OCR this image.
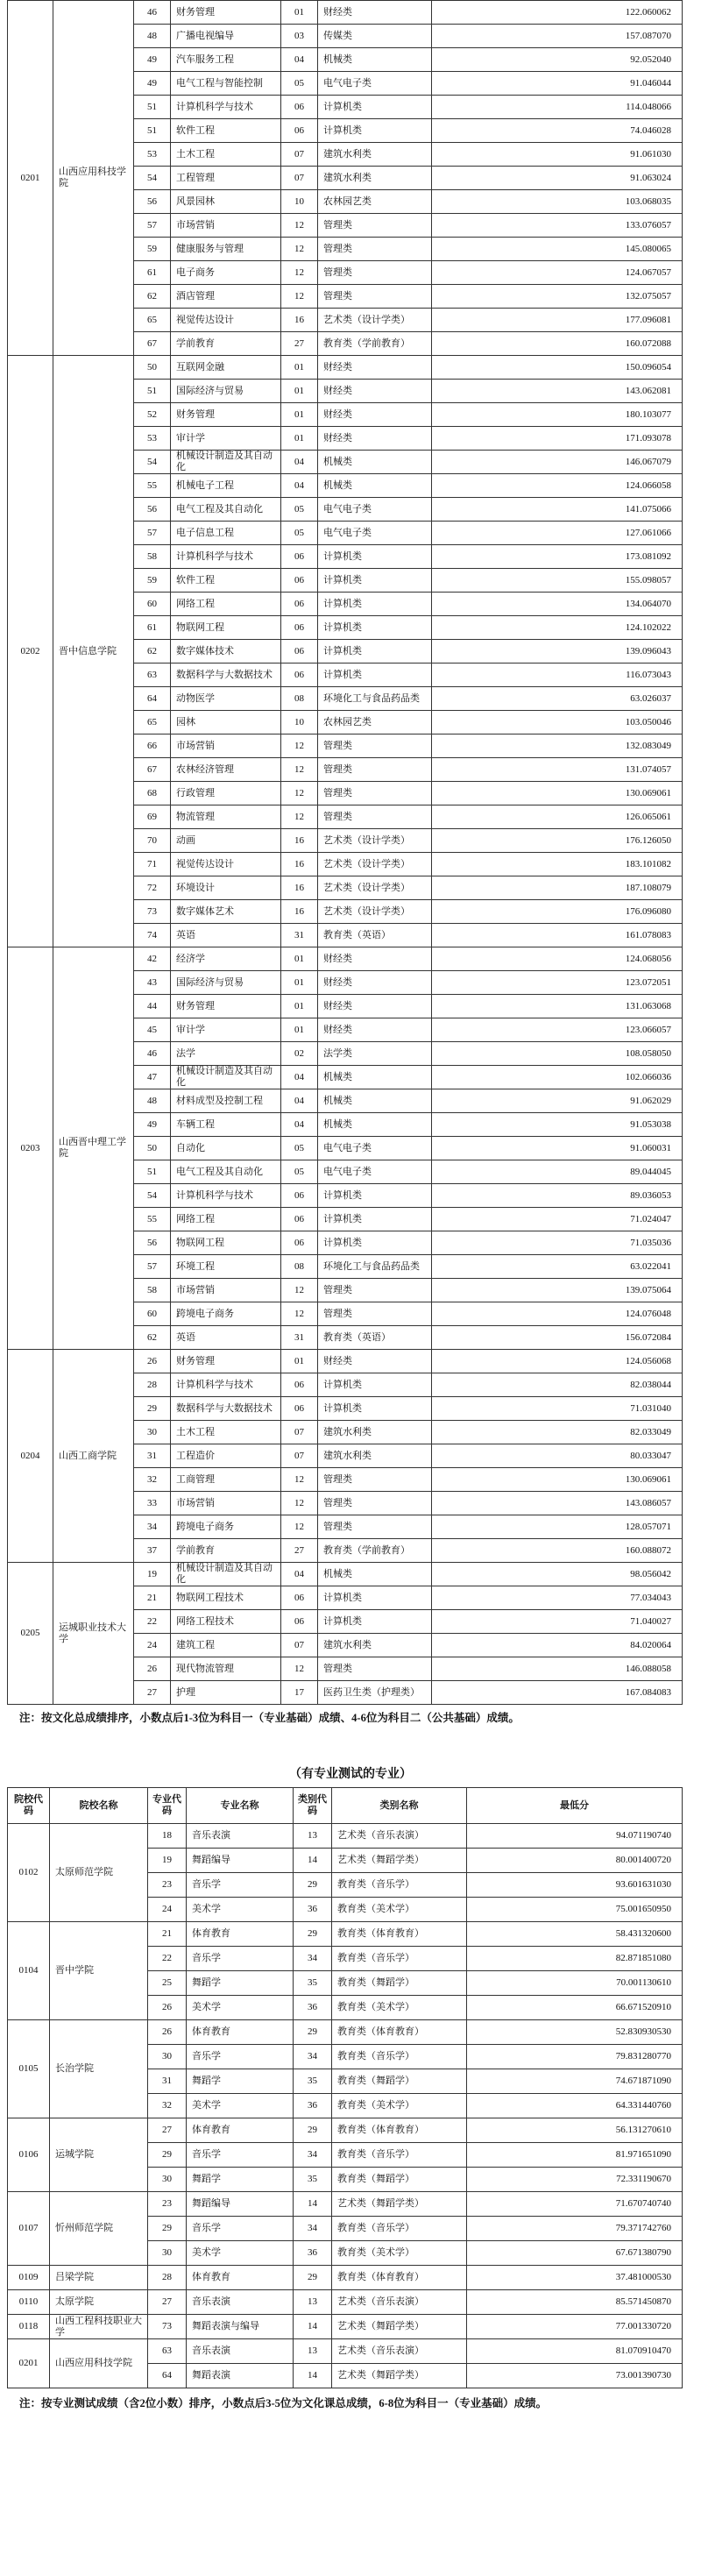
0201	山西应用科技学院	46	财务管理	01	财经类	122.060062
		48	广播电视编导	03	传媒类	157.087070
		49	汽车服务工程	04	机械类	92.052040
		49	电气工程与智能控制	05	电气电子类	91.046044
		51	计算机科学与技术	06	计算机类	114.048066
		51	软件工程	06	计算机类	74.046028
		53	土木工程	07	建筑水利类	91.061030
		54	工程管理	07	建筑水利类	91.063024
		56	风景园林	10	农林园艺类	103.068035
		57	市场营销	12	管理类	133.076057
		59	健康服务与管理	12	管理类	145.080065
		61	电子商务	12	管理类	124.067057
		62	酒店管理	12	管理类	132.075057
		65	视觉传达设计	16	艺术类（设计学类）	177.096081
		67	学前教育	27	教育类（学前教育）	160.072088
0202	晋中信息学院	50	互联网金融	01	财经类	150.096054
		51	国际经济与贸易	01	财经类	143.062081
		52	财务管理	01	财经类	180.103077
		53	审计学	01	财经类	171.093078
		54	机械设计制造及其自动化	04	机械类	146.067079
		55	机械电子工程	04	机械类	124.066058
		56	电气工程及其自动化	05	电气电子类	141.075066
		57	电子信息工程	05	电气电子类	127.061066
		58	计算机科学与技术	06	计算机类	173.081092
		59	软件工程	06	计算机类	155.098057
		60	网络工程	06	计算机类	134.064070
		61	物联网工程	06	计算机类	124.102022
		62	数字媒体技术	06	计算机类	139.096043
		63	数据科学与大数据技术	06	计算机类	116.073043
		64	动物医学	08	环境化工与食品药品类	63.026037
		65	园林	10	农林园艺类	103.050046
		66	市场营销	12	管理类	132.083049
		67	农林经济管理	12	管理类	131.074057
		68	行政管理	12	管理类	130.069061
		69	物流管理	12	管理类	126.065061
		70	动画	16	艺术类（设计学类）	176.126050
		71	视觉传达设计	16	艺术类（设计学类）	183.101082
		72	环境设计	16	艺术类（设计学类）	187.108079
		73	数字媒体艺术	16	艺术类（设计学类）	176.096080
		74	英语	31	教育类（英语）	161.078083
0203	山西晋中理工学院	42	经济学	01	财经类	124.068056
		43	国际经济与贸易	01	财经类	123.072051
		44	财务管理	01	财经类	131.063068
		45	审计学	01	财经类	123.066057
		46	法学	02	法学类	108.058050
		47	机械设计制造及其自动化	04	机械类	102.066036
		48	材料成型及控制工程	04	机械类	91.062029
		49	车辆工程	04	机械类	91.053038
		50	自动化	05	电气电子类	91.060031
		51	电气工程及其自动化	05	电气电子类	89.044045
		54	计算机科学与技术	06	计算机类	89.036053
		55	网络工程	06	计算机类	71.024047
		56	物联网工程	06	计算机类	71.035036
		57	环境工程	08	环境化工与食品药品类	63.022041
		58	市场营销	12	管理类	139.075064
		60	跨境电子商务	12	管理类	124.076048
		62	英语	31	教育类（英语）	156.072084
0204	山西工商学院	26	财务管理	01	财经类	124.056068
		28	计算机科学与技术	06	计算机类	82.038044
		29	数据科学与大数据技术	06	计算机类	71.031040
		30	土木工程	07	建筑水利类	82.033049
		31	工程造价	07	建筑水利类	80.033047
		32	工商管理	12	管理类	130.069061
		33	市场营销	12	管理类	143.086057
		34	跨境电子商务	12	管理类	128.057071
		37	学前教育	27	教育类（学前教育）	160.088072
0205	运城职业技术大学	19	机械设计制造及其自动化	04	机械类	98.056042
		21	物联网工程技术	06	计算机类	77.034043
		22	网络工程技术	06	计算机类	71.040027
		24	建筑工程	07	建筑水利类	84.020064
		26	现代物流管理	12	管理类	146.088058
		27	护理	17	医药卫生类（护理类）	167.084083
注：按文化总成绩排序，小数点后1-3位为科目一（专业基础）成绩、4-6位为科目二（公共基础）成绩。
（有专业测试的专业）
院校代码	院校名称	专业代码	专业名称	类别代码	类别名称	最低分
0102	太原师范学院	18	音乐表演	13	艺术类（音乐表演）	94.071190740
		19	舞蹈编导	14	艺术类（舞蹈学类）	80.001400720
		23	音乐学	29	教育类（音乐学）	93.601631030
		24	美术学	36	教育类（美术学）	75.001650950
0104	晋中学院	21	体育教育	29	教育类（体育教育）	58.431320600
		22	音乐学	34	教育类（音乐学）	82.871851080
		25	舞蹈学	35	教育类（舞蹈学）	70.001130610
		26	美术学	36	教育类（美术学）	66.671520910
0105	长治学院	26	体育教育	29	教育类（体育教育）	52.830930530
		30	音乐学	34	教育类（音乐学）	79.831280770
		31	舞蹈学	35	教育类（舞蹈学）	74.671871090
		32	美术学	36	教育类（美术学）	64.331440760
0106	运城学院	27	体育教育	29	教育类（体育教育）	56.131270610
		29	音乐学	34	教育类（音乐学）	81.971651090
		30	舞蹈学	35	教育类（舞蹈学）	72.331190670
0107	忻州师范学院	23	舞蹈编导	14	艺术类（舞蹈学类）	71.670740740
		29	音乐学	34	教育类（音乐学）	79.371742760
		30	美术学	36	教育类（美术学）	67.671380790
0109	吕梁学院	28	体育教育	29	教育类（体育教育）	37.481000530
0110	太原学院	27	音乐表演	13	艺术类（音乐表演）	85.571450870
0118	山西工程科技职业大学	73	舞蹈表演与编导	14	艺术类（舞蹈学类）	77.001330720
0201	山西应用科技学院	63	音乐表演	13	艺术类（音乐表演）	81.070910470
		64	舞蹈表演	14	艺术类（舞蹈学类）	73.001390730
注：按专业测试成绩（含2位小数）排序，小数点后3-5位为文化课总成绩，6-8位为科目一（专业基础）成绩。
